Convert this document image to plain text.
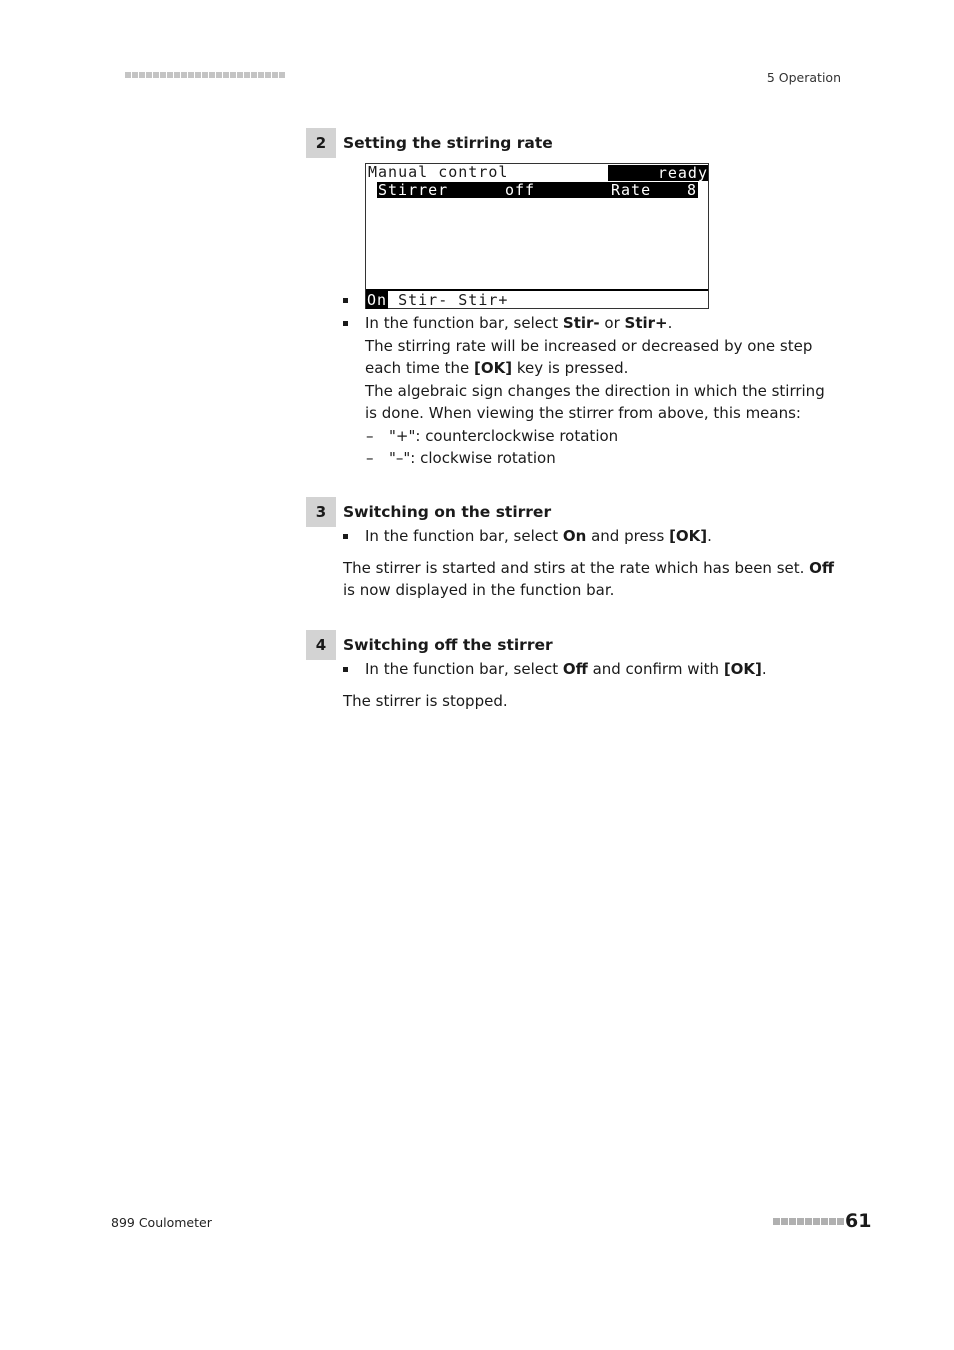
5 Operation
2	Setting the stirring rate
Manual control	ready
Stirrer	off	Rate 8
On Stir- Stir+
In the function bar, select Stir- or Stir+.
The stirring rate will be increased or decreased by one step each time the [OK] key is pressed.
The algebraic sign changes the direction in which the stirring is done. When viewing the stirrer from above, this means:
– "+": counterclockwise rotation
– "–": clockwise rotation
3	Switching on the stirrer
In the function bar, select On and press [OK].
The stirrer is started and stirs at the rate which has been set. Off is now displayed in the function bar.
4	Switching off the stirrer
In the function bar, select Off and confirm with [OK].
The stirrer is stopped.
899 Coulometer	61
